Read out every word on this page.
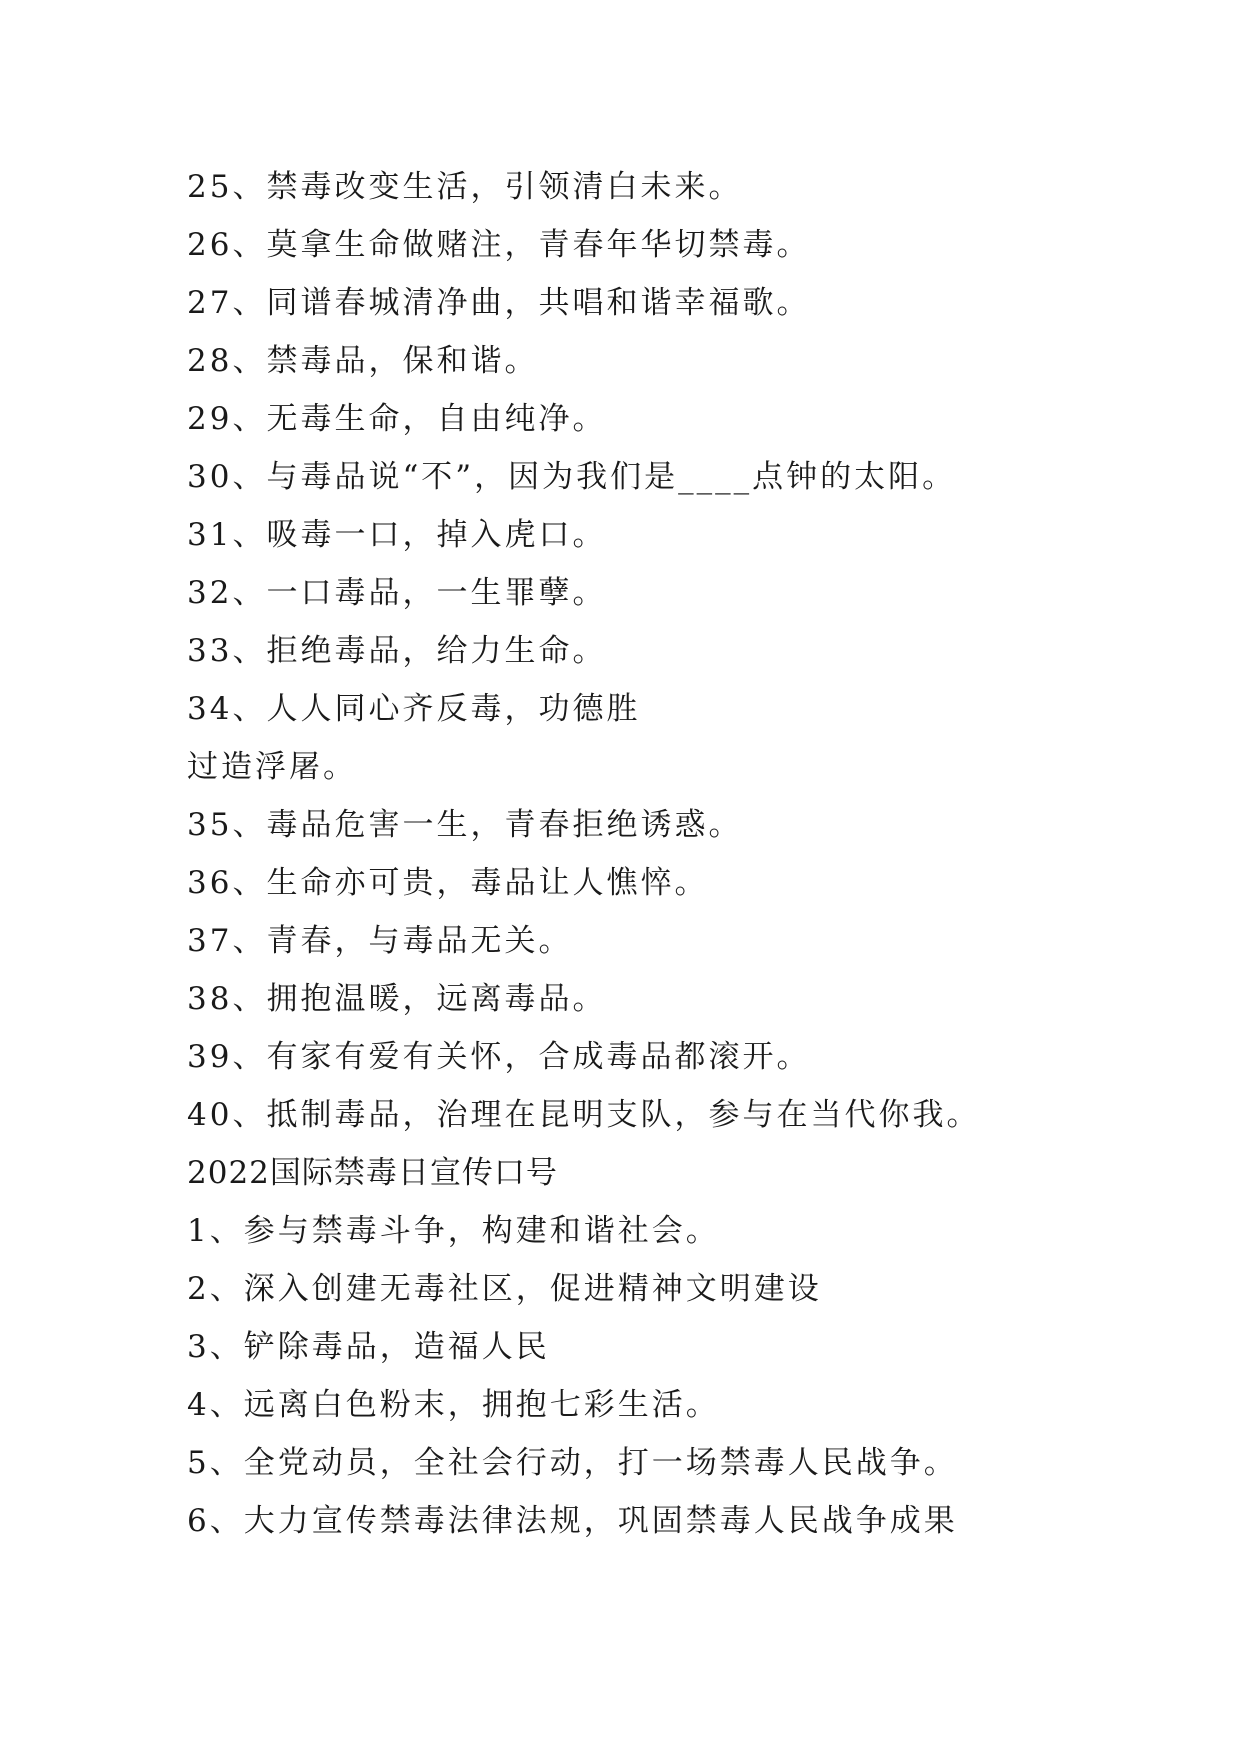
25、禁毒改变生活，引领清白未来。
26、莫拿生命做赌注，青春年华切禁毒。
27、同谱春城清净曲，共唱和谐幸福歌。
28、禁毒品，保和谐。
29、无毒生命，自由纯净。
30、与毒品说“不”，因为我们是____点钟的太阳。
31、吸毒一口，掉入虎口。
32、一口毒品，一生罪孽。
33、拒绝毒品，给力生命。
34、人人同心齐反毒，功德胜
过造浮屠。
35、毒品危害一生，青春拒绝诱惑。
36、生命亦可贵，毒品让人憔悴。
37、青春，与毒品无关。
38、拥抱温暖，远离毒品。
39、有家有爱有关怀，合成毒品都滚开。
40、抵制毒品，治理在昆明支队，参与在当代你我。
2022国际禁毒日宣传口号
1、参与禁毒斗争，构建和谐社会。
2、深入创建无毒社区，促进精神文明建设
3、铲除毒品，造福人民
4、远离白色粉末，拥抱七彩生活。
5、全党动员，全社会行动，打一场禁毒人民战争。
6、大力宣传禁毒法律法规，巩固禁毒人民战争成果
